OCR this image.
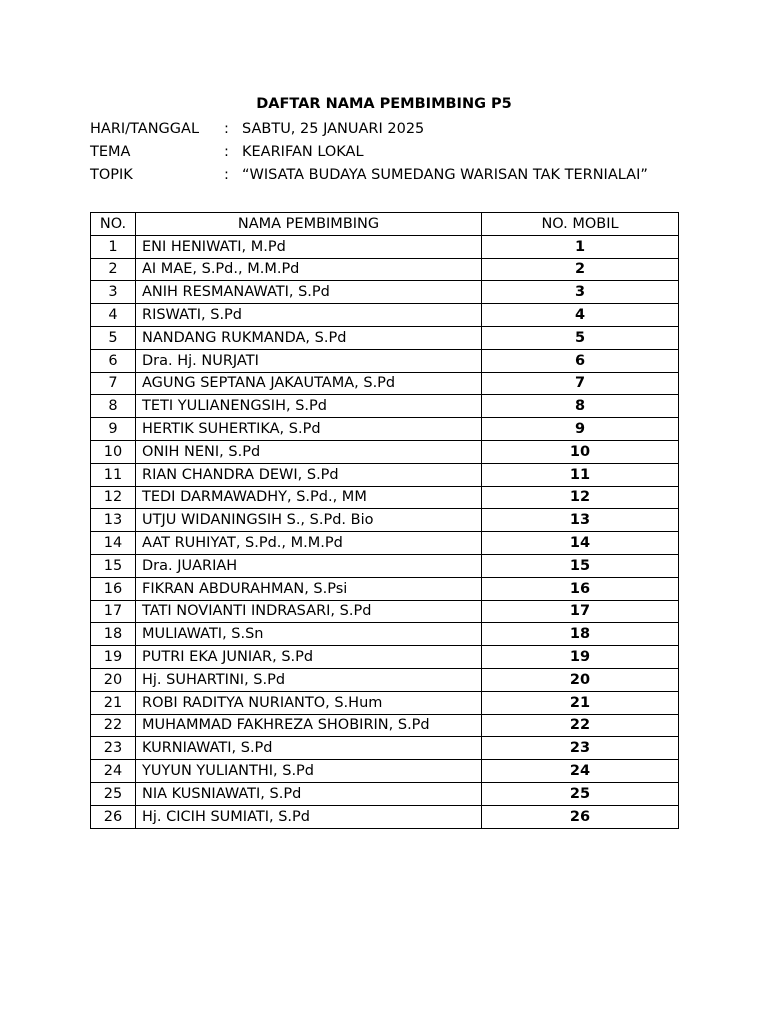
DAFTAR NAMA PEMBIMBING P5
HARI/TANGGAL : SABTU, 25 JANUARI 2025
TEMA	: KEARIFAN LOKAL
TOPIK	: “WISATA BUDAYA SUMEDANG WARISAN TAK TERNIALAI”
NO.	NAMA PEMBIMBING	NO. MOBIL
1	ENI HENIWATI, M.Pd	1
2	AI MAE, S.Pd., M.M.Pd	2
3	ANIH RESMANAWATI, S.Pd	3
4	RISWATI, S.Pd	4
5	NANDANG RUKMANDA, S.Pd	5
6	Dra. Hj. NURJATI	6
7	AGUNG SEPTANA JAKAUTAMA, S.Pd	7
8	TETI YULIANENGSIH, S.Pd	8
9	HERTIK SUHERTIKA, S.Pd	9
10	ONIH NENI, S.Pd	10
11	RIAN CHANDRA DEWI, S.Pd	11
12	TEDI DARMAWADHY, S.Pd., MM	12
13	UTJU WIDANINGSIH S., S.Pd. Bio	13
14	AAT RUHIYAT, S.Pd., M.M.Pd	14
15	Dra. JUARIAH	15
16	FIKRAN ABDURAHMAN, S.Psi	16
17	TATI NOVIANTI INDRASARI, S.Pd	17
18	MULIAWATI, S.Sn	18
19	PUTRI EKA JUNIAR, S.Pd	19
20	Hj. SUHARTINI, S.Pd	20
21	ROBI RADITYA NURIANTO, S.Hum	21
22	MUHAMMAD FAKHREZA SHOBIRIN, S.Pd	22
23	KURNIAWATI, S.Pd	23
24	YUYUN YULIANTHI, S.Pd	24
25	NIA KUSNIAWATI, S.Pd	25
26	Hj. CICIH SUMIATI, S.Pd	26
